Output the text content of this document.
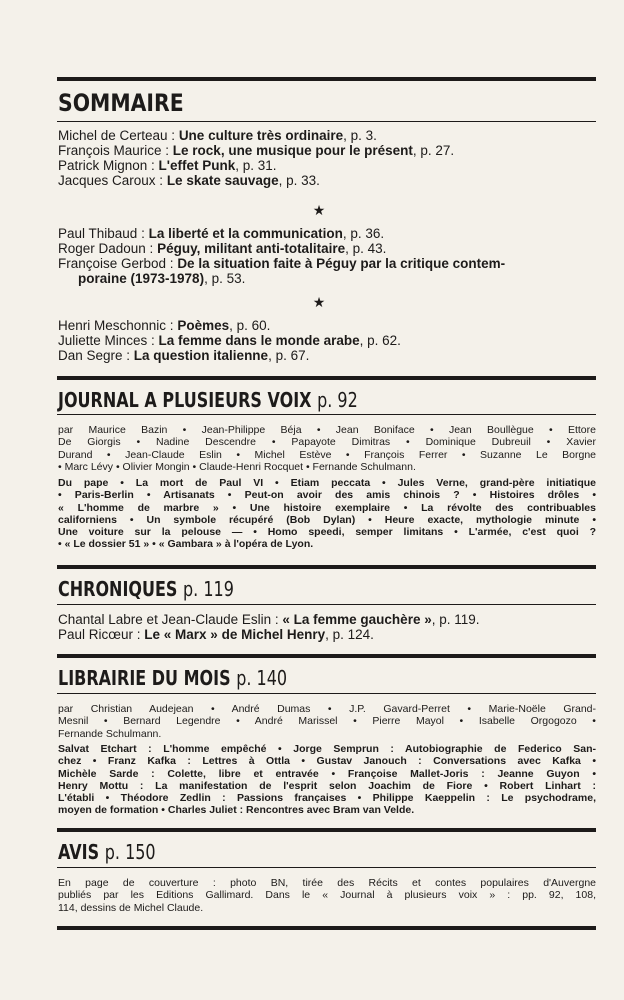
SOMMAIRE
Michel de Certeau : Une culture très ordinaire, p. 3.
François Maurice : Le rock, une musique pour le présent, p. 27.
Patrick Mignon : L'effet Punk, p. 31.
Jacques Caroux : Le skate sauvage, p. 33.
★
Paul Thibaud : La liberté et la communication, p. 36.
Roger Dadoun : Péguy, militant anti-totalitaire, p. 43.
Françoise Gerbod : De la situation faite à Péguy par la critique contem-
poraine (1973-1978), p. 53.
★
Henri Meschonnic : Poèmes, p. 60.
Juliette Minces : La femme dans le monde arabe, p. 62.
Dan Segre : La question italienne, p. 67.
JOURNAL A PLUSIEURS VOIX p. 92
par Maurice Bazin • Jean-Philippe Béja • Jean Boniface • Jean Boullègue • Ettore
De Giorgis • Nadine Descendre • Papayote Dimitras • Dominique Dubreuil • Xavier
Durand • Jean-Claude Eslin • Michel Estève • François Ferrer • Suzanne Le Borgne
• Marc Lévy • Olivier Mongin • Claude-Henri Rocquet • Fernande Schulmann.
Du pape • La mort de Paul VI • Etiam peccata • Jules Verne, grand-père initiatique
• Paris-Berlin • Artisanats • Peut-on avoir des amis chinois ? • Histoires drôles •
« L'homme de marbre » • Une histoire exemplaire • La révolte des contribuables
californiens • Un symbole récupéré (Bob Dylan) • Heure exacte, mythologie minute •
Une voiture sur la pelouse — • Homo speedi, semper limitans • L'armée, c'est quoi ?
• « Le dossier 51 » • « Gambara » à l'opéra de Lyon.
CHRONIQUES p. 119
Chantal Labre et Jean-Claude Eslin : « La femme gauchère », p. 119.
Paul Ricœur : Le « Marx » de Michel Henry, p. 124.
LIBRAIRIE DU MOIS p. 140
par Christian Audejean • André Dumas • J.P. Gavard-Perret • Marie-Noële Grand-
Mesnil • Bernard Legendre • André Marissel • Pierre Mayol • Isabelle Orgogozo •
Fernande Schulmann.
Salvat Etchart : L'homme empêché • Jorge Semprun : Autobiographie de Federico San-
chez • Franz Kafka : Lettres à Ottla • Gustav Janouch : Conversations avec Kafka •
Michèle Sarde : Colette, libre et entravée • Françoise Mallet-Joris : Jeanne Guyon •
Henry Mottu : La manifestation de l'esprit selon Joachim de Fiore • Robert Linhart :
L'établi • Théodore Zedlin : Passions françaises • Philippe Kaeppelin : Le psychodrame,
moyen de formation • Charles Juliet : Rencontres avec Bram van Velde.
AVIS p. 150
En page de couverture : photo BN, tirée des Récits et contes populaires d'Auvergne
publiés par les Editions Gallimard. Dans le « Journal à plusieurs voix » : pp. 92, 108,
114, dessins de Michel Claude.
